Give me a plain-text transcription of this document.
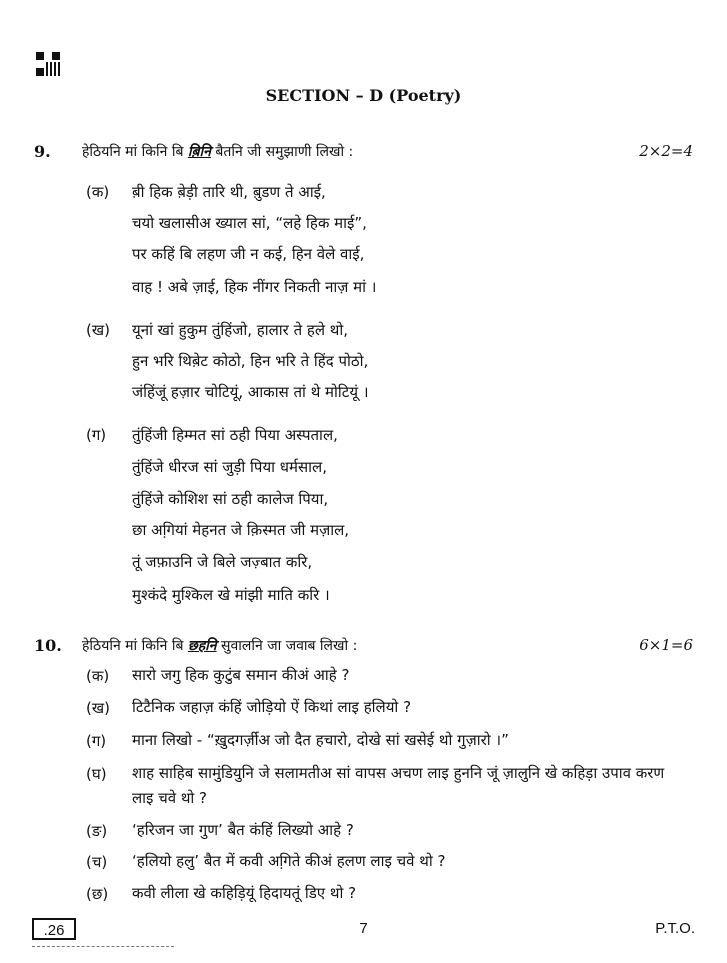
SECTION – D (Poetry)
9. हेठियनि मां किनि बि ब़िनि बैतनि जी समुझाणी लिखो :	2×2=4
(क) ब़ी हिक ब़ेड़ी तारि थी, ब़ुडण ते आई,
चयो खलासीअ ख्याल सां, “लहे हिक माई”,
पर कहिं बि लहण जी न कई, हिन वेले वाई,
वाह ! अबे ज़ाई, हिक नींगर निकती नाज़ मां ।
(ख) यूनां खां हुकुम तुंहिंजो, हालार ते हले थो,
हुन भरि थिब़ेट कोठो, हिन भरि ते हिंद पोठो,
जंहिंजूं हज़ार चोटियूं, आकास तां थे मोटियूं ।
(ग) तुंहिंजी हिम्मत सां ठही पिया अस्पताल,
तुंहिंजे धीरज सां जुड़ी पिया धर्मसाल,
तुंहिंजे कोशिश सां ठही कालेज पिया,
छा अगि़यां मेहनत जे क़िस्मत जी मज़ाल,
तूं जफ़ाउनि जे बिले जज़्बात करि,
मुश्कंदे मुश्किल खे मांझी माति करि ।
10. हेठियनि मां किनि बि छहनि सुवालनि जा जवाब लिखो :	6×1=6
(क) सारो जगु हिक कुटुंब समान कीअं आहे ?
(ख) टिटैनिक जहाज़ कंहिं जोड़ियो ऐं किथां लाइ हलियो ?
(ग) माना लिखो - “ख़ुदगर्ज़ीअ जो दैत हचारो, दोखे सां खसेई थो गुज़ारो ।”
(घ) शाह साहिब सामुंडियुनि जे सलामतीअ सां वापस अचण लाइ हुननि जूं ज़ालुनि खे कहिड़ा उपाव करण लाइ चवे थो ?
(ङ) ‘हरिजन जा गुण’ बैत कंहिं लिख्यो आहे ?
(च) ‘हलियो हलु’ बैत में कवी अगि़ते कीअं हलण लाइ चवे थो ?
(छ) कवी लीला खे कहिड़ियूं हिदायतूं डिए थो ?
.26	7	P.T.O.
